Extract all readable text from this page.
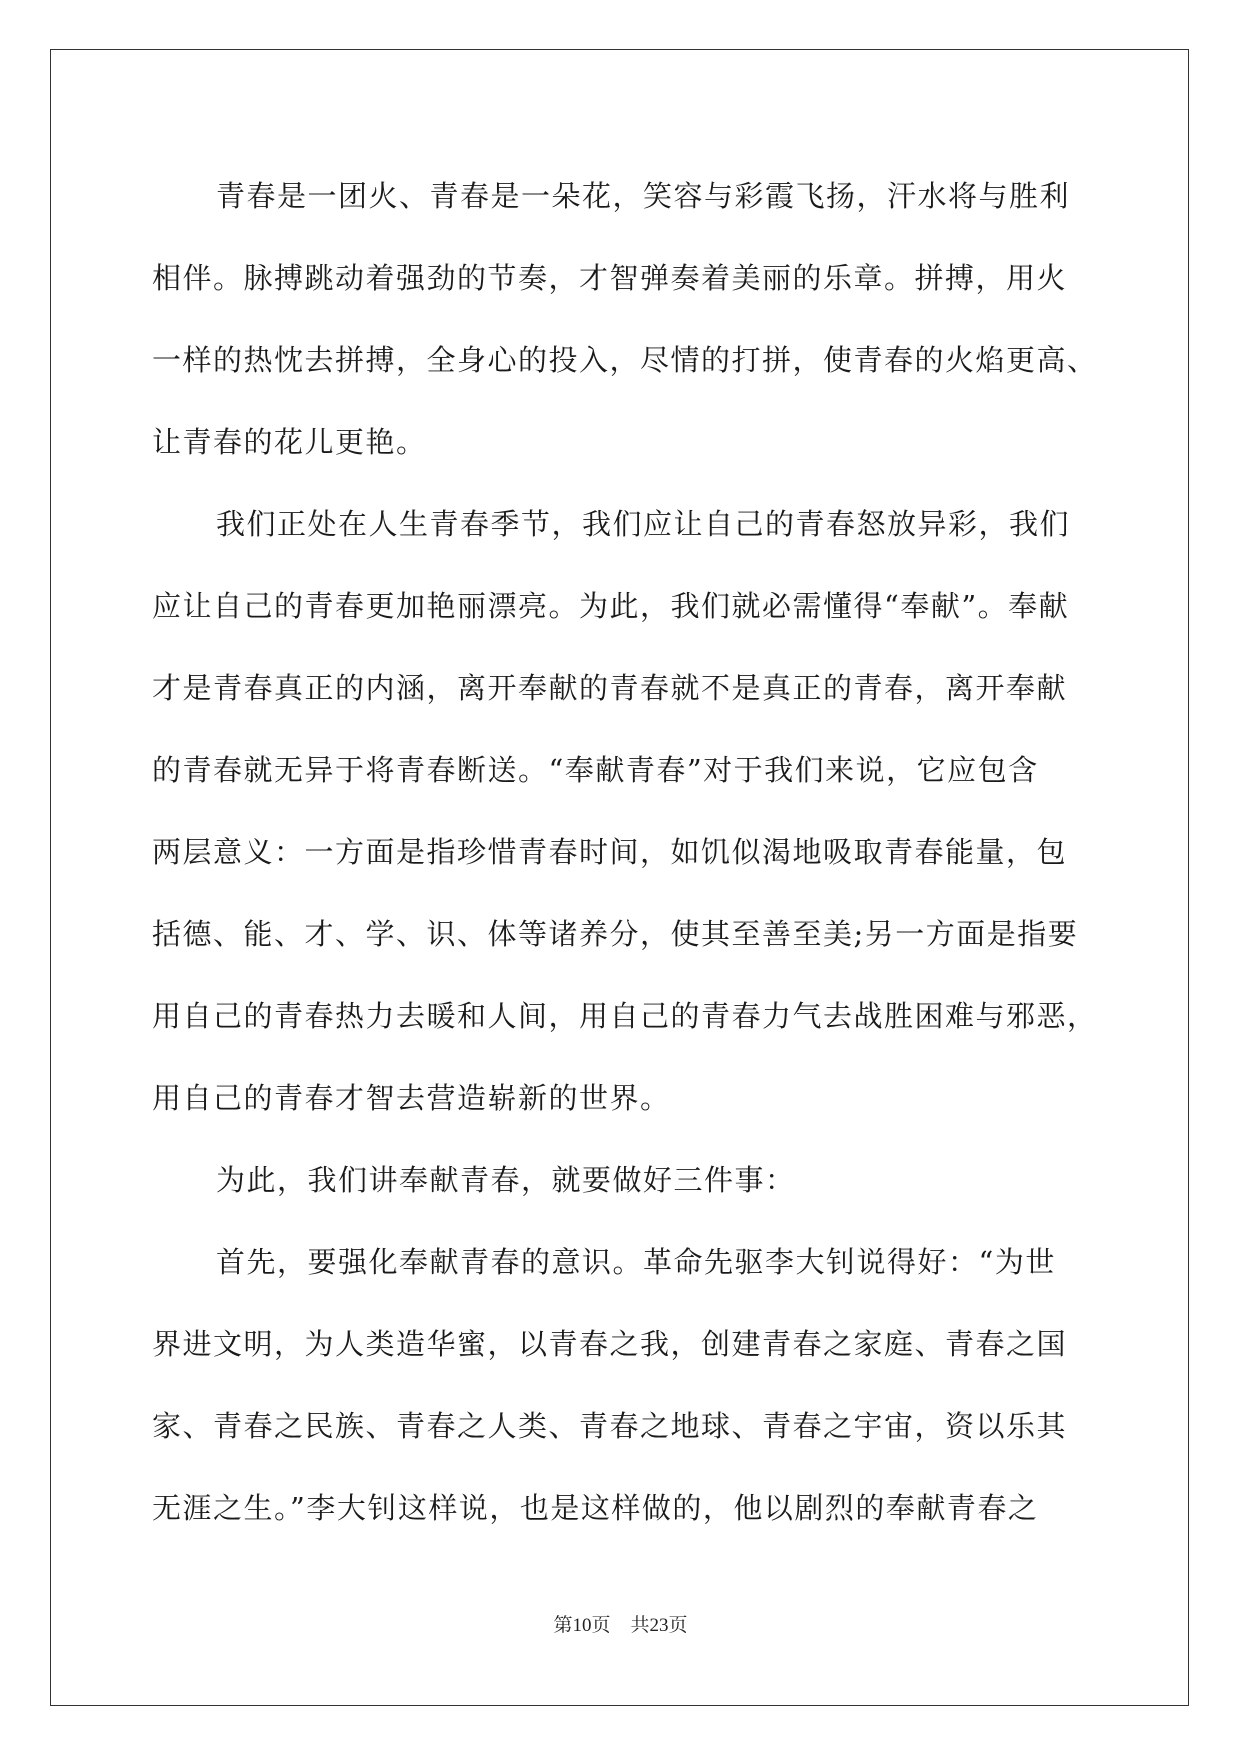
青春是一团火、青春是一朵花，笑容与彩霞飞扬，汗水将与胜利
相伴。脉搏跳动着强劲的节奏，才智弹奏着美丽的乐章。拼搏，用火
一样的热忱去拼搏，全身心的投入，尽情的打拼，使青春的火焰更高、
让青春的花儿更艳。

我们正处在人生青春季节，我们应让自己的青春怒放异彩，我们
应让自己的青春更加艳丽漂亮。为此，我们就必需懂得“奉献”。奉献
才是青春真正的内涵，离开奉献的青春就不是真正的青春，离开奉献
的青春就无异于将青春断送。“奉献青春”对于我们来说，它应包含
两层意义：一方面是指珍惜青春时间，如饥似渴地吸取青春能量，包
括德、能、才、学、识、体等诸养分，使其至善至美;另一方面是指要
用自己的青春热力去暖和人间，用自己的青春力气去战胜困难与邪恶，
用自己的青春才智去营造崭新的世界。

为此，我们讲奉献青春，就要做好三件事：

首先，要强化奉献青春的意识。革命先驱李大钊说得好：“为世
界进文明，为人类造华蜜，以青春之我，创建青春之家庭、青春之国
家、青春之民族、青春之人类、青春之地球、青春之宇宙，资以乐其
无涯之生。”李大钊这样说，也是这样做的，他以剧烈的奉献青春之

第10页 共23页
